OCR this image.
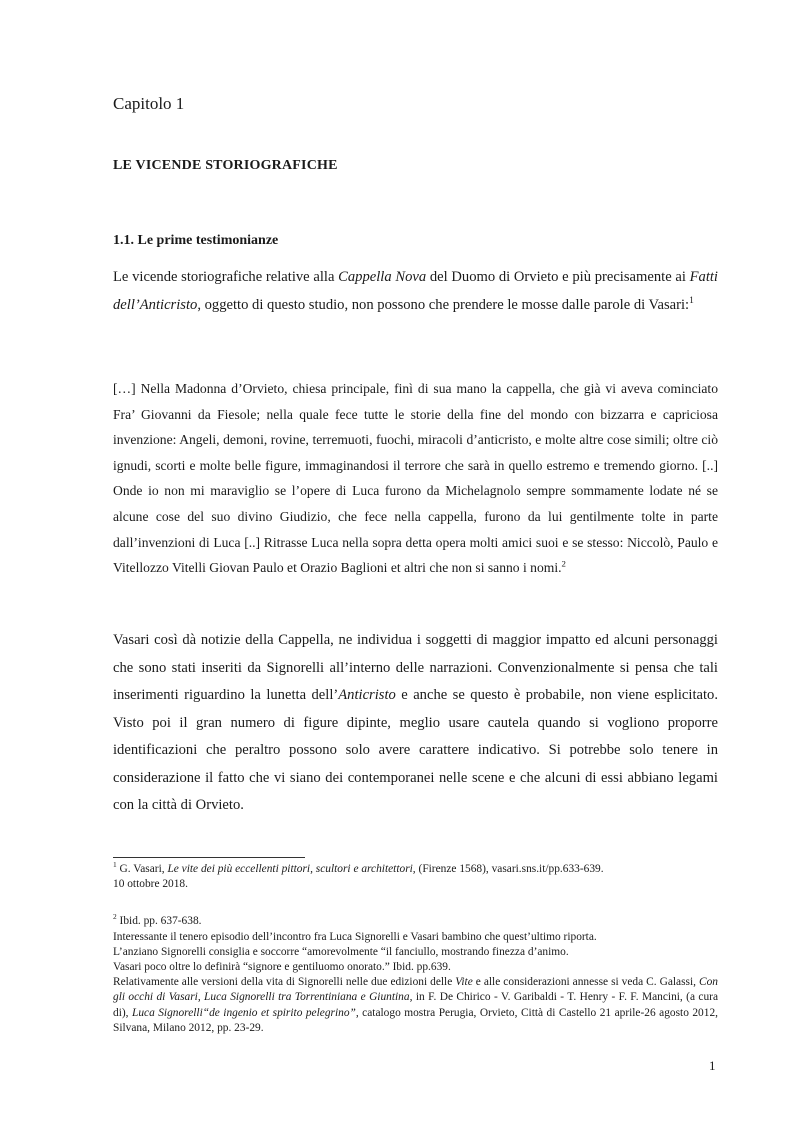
Capitolo 1
LE VICENDE STORIOGRAFICHE
1.1. Le prime testimonianze

Le vicende storiografiche relative alla Cappella Nova del Duomo di Orvieto e più precisamente ai Fatti dell’Anticristo, oggetto di questo studio, non possono che prendere le mosse dalle parole di Vasari:$^1$

[…] Nella Madonna d’Orvieto, chiesa principale, finì di sua mano la cappella, che già vi aveva cominciato Fra’ Giovanni da Fiesole; nella quale fece tutte le storie della fine del mondo con bizzarra e capriciosa invenzione: Angeli, demoni, rovine, terremuoti, fuochi, miracoli d’anticristo, e molte altre cose simili; oltre ciò ignudi, scorti e molte belle figure, immaginandosi il terrore che sarà in quello estremo e tremendo giorno. [..] Onde io non mi maraviglio se l’opere di Luca furono da Michelagnolo sempre sommamente lodate né se alcune cose del suo divino Giudizio, che fece nella cappella, furono da lui gentilmente tolte in parte dall’invenzioni di Luca [..] Ritrasse Luca nella sopra detta opera molti amici suoi e se stesso: Niccolò, Paulo e Vitellozzo Vitelli Giovan Paulo et Orazio Baglioni et altri che non si sanno i nomi.$^2$

Vasari così dà notizie della Cappella, ne individua i soggetti di maggior impatto ed alcuni personaggi che sono stati inseriti da Signorelli all’interno delle narrazioni. Convenzionalmente si pensa che tali inserimenti riguardino la lunetta dell’Anticristo e anche se questo è probabile, non viene esplicitato. Visto poi il gran numero di figure dipinte, meglio usare cautela quando si vogliono proporre identificazioni che peraltro possono solo avere carattere indicativo. Si potrebbe solo tenere in considerazione il fatto che vi siano dei contemporanei nelle scene e che alcuni di essi abbiano legami con la città di Orvieto.

$^1$ G. Vasari, Le vite dei più eccellenti pittori, scultori e architettori, (Firenze 1568), vasari.sns.it/pp.633-639.
10 ottobre 2018.

$^2$ Ibid. pp. 637-638.

Interessante il tenero episodio dell’incontro fra Luca Signorelli e Vasari bambino che quest’ultimo riporta.

L’anziano Signorelli consiglia e soccorre “amorevolmente “il fanciullo, mostrando finezza d’animo.

Vasari poco oltre lo definirà “signore e gentiluomo onorato.” Ibid. pp.639.

Relativamente alle versioni della vita di Signorelli nelle due edizioni delle Vite e alle considerazioni annesse si veda C. Galassi, Con gli occhi di Vasari, Luca Signorelli tra Torrentiniana e Giuntina, in F. De Chirico - V. Garibaldi - T. Henry - F. F. Mancini, (a cura di), Luca Signorelli“de ingenio et spirito pelegrino”, catalogo mostra Perugia, Orvieto, Città di Castello 21 aprile-26 agosto 2012, Silvana, Milano 2012, pp. 23-29.

1
